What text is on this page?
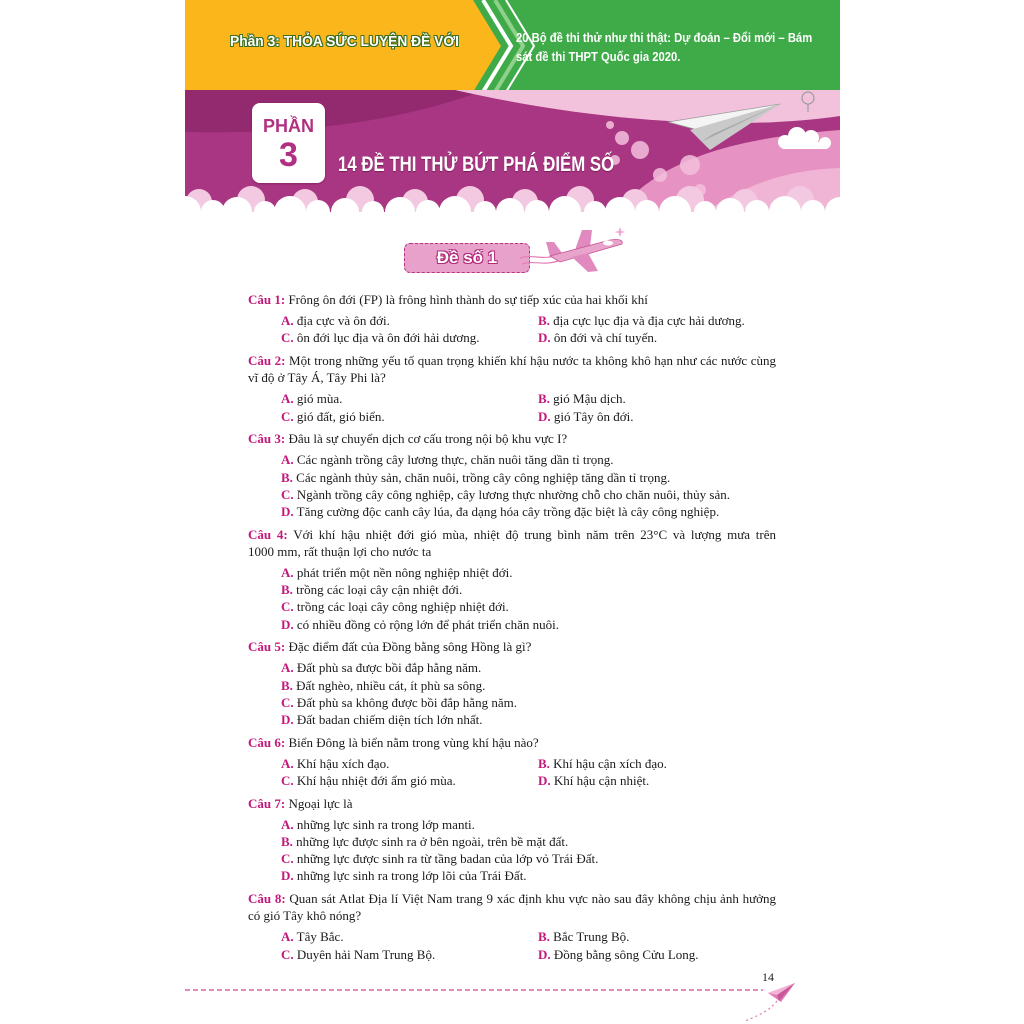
Phần 3: THỎA SỨC LUYỆN ĐỀ VỚI	20 Bộ đề thi thử như thi thật: Dự đoán – Đổi mới – Bám
sát đề thi THPT Quốc gia 2020.
PHẦN
3	14 ĐỀ THI THỬ BỨT PHÁ ĐIỂM SỐ
Đề số 1
Câu 1: Frông ôn đới (FP) là frông hình thành do sự tiếp xúc của hai khối khí
A. địa cực và ôn đới.	B. địa cực lục địa và địa cực hải dương.
C. ôn đới lục địa và ôn đới hải dương.	D. ôn đới và chí tuyến.
Câu 2: Một trong những yếu tố quan trọng khiến khí hậu nước ta không khô hạn như các nước cùng
vĩ độ ở Tây Á, Tây Phi là?
A. gió mùa.	B. gió Mậu dịch.
C. gió đất, gió biển.	D. gió Tây ôn đới.
Câu 3: Đâu là sự chuyển dịch cơ cấu trong nội bộ khu vực I?
A. Các ngành trồng cây lương thực, chăn nuôi tăng dần tỉ trọng.
B. Các ngành thủy sản, chăn nuôi, trồng cây công nghiệp tăng dần tỉ trọng.
C. Ngành trồng cây công nghiệp, cây lương thực nhường chỗ cho chăn nuôi, thủy sản.
D. Tăng cường độc canh cây lúa, đa dạng hóa cây trồng đặc biệt là cây công nghiệp.
Câu 4: Với khí hậu nhiệt đới gió mùa, nhiệt độ trung bình năm trên 23°C và lượng mưa trên
1000 mm, rất thuận lợi cho nước ta
A. phát triển một nền nông nghiệp nhiệt đới.
B. trồng các loại cây cận nhiệt đới.
C. trồng các loại cây công nghiệp nhiệt đới.
D. có nhiều đồng cỏ rộng lớn để phát triển chăn nuôi.
Câu 5: Đặc điểm đất của Đồng bằng sông Hồng là gì?
A. Đất phù sa được bồi đắp hằng năm.
B. Đất nghèo, nhiều cát, ít phù sa sông.
C. Đất phù sa không được bồi đắp hằng năm.
D. Đất badan chiếm diện tích lớn nhất.
Câu 6: Biển Đông là biển nằm trong vùng khí hậu nào?
A. Khí hậu xích đạo.	B. Khí hậu cận xích đạo.
C. Khí hậu nhiệt đới ẩm gió mùa.	D. Khí hậu cận nhiệt.
Câu 7: Ngoại lực là
A. những lực sinh ra trong lớp manti.
B. những lực được sinh ra ở bên ngoài, trên bề mặt đất.
C. những lực được sinh ra từ tầng badan của lớp vỏ Trái Đất.
D. những lực sinh ra trong lớp lõi của Trái Đất.
Câu 8: Quan sát Atlat Địa lí Việt Nam trang 9 xác định khu vực nào sau đây không chịu ảnh hưởng
có gió Tây khô nóng?
A. Tây Bắc.	B. Bắc Trung Bộ.
C. Duyên hải Nam Trung Bộ.	D. Đồng bằng sông Cửu Long.
14
